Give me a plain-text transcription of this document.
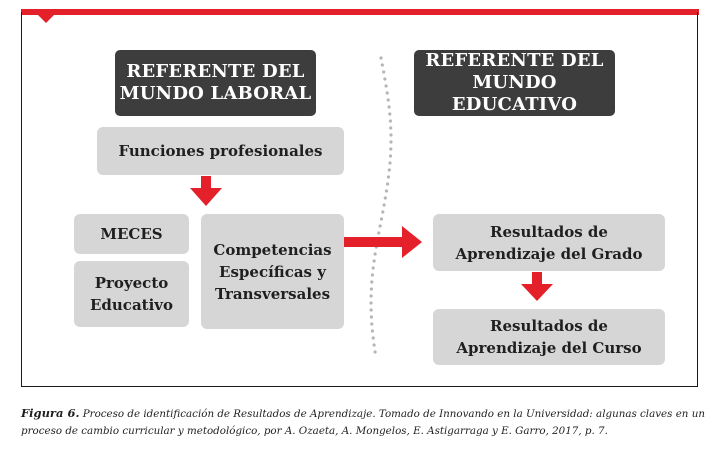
REFERENTE DEL
MUNDO LABORAL
REFERENTE DEL
MUNDO EDUCATIVO
Funciones profesionales
MECES
Proyecto
Educativo
Competencias
Específicas y
Transversales
Resultados de
Aprendizaje del Grado
Resultados de
Aprendizaje del Curso
Figura 6. Proceso de identificación de Resultados de Aprendizaje. Tomado de Innovando en la Universidad: algunas claves en un proceso de cambio curricular y metodológico, por A. Ozaeta, A. Mongelos, E. Astigarraga y E. Garro, 2017, p. 7.
